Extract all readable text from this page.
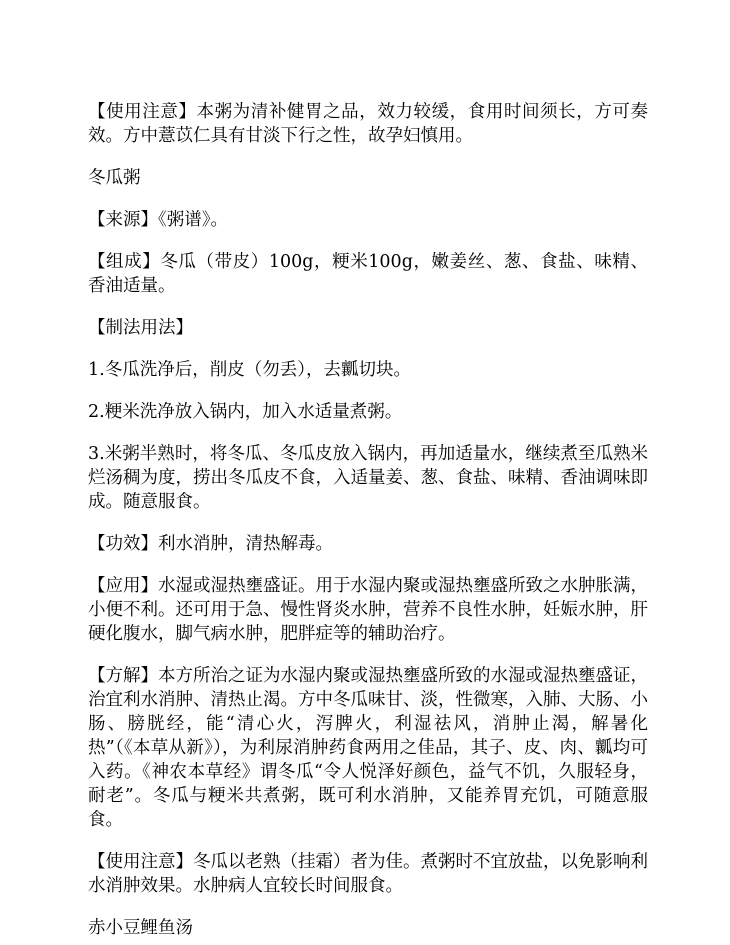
【使用注意】本粥为清补健胃之品，效力较缓，食用时间须长，方可奏效。方中薏苡仁具有甘淡下行之性，故孕妇慎用。

冬瓜粥

【来源】《粥谱》。

【组成】冬瓜（带皮）100g，粳米100g，嫩姜丝、葱、食盐、味精、香油适量。

【制法用法】

1.冬瓜洗净后，削皮（勿丢），去瓤切块。

2.粳米洗净放入锅内，加入水适量煮粥。

3.米粥半熟时，将冬瓜、冬瓜皮放入锅内，再加适量水，继续煮至瓜熟米烂汤稠为度，捞出冬瓜皮不食，入适量姜、葱、食盐、味精、香油调味即成。随意服食。

【功效】利水消肿，清热解毒。

【应用】水湿或湿热壅盛证。用于水湿内聚或湿热壅盛所致之水肿胀满，小便不利。还可用于急、慢性肾炎水肿，营养不良性水肿，妊娠水肿，肝硬化腹水，脚气病水肿，肥胖症等的辅助治疗。

【方解】本方所治之证为水湿内聚或湿热壅盛所致的水湿或湿热壅盛证，治宜利水消肿、清热止渴。方中冬瓜味甘、淡，性微寒，入肺、大肠、小肠、膀胱经，能“清心火，泻脾火，利湿祛风，消肿止渴，解暑化热”（《本草从新》），为利尿消肿药食两用之佳品，其子、皮、肉、瓤均可入药。《神农本草经》谓冬瓜“令人悦泽好颜色，益气不饥，久服轻身，耐老”。冬瓜与粳米共煮粥，既可利水消肿，又能养胃充饥，可随意服食。

【使用注意】冬瓜以老熟（挂霜）者为佳。煮粥时不宜放盐，以免影响利水消肿效果。水肿病人宜较长时间服食。

赤小豆鲤鱼汤
